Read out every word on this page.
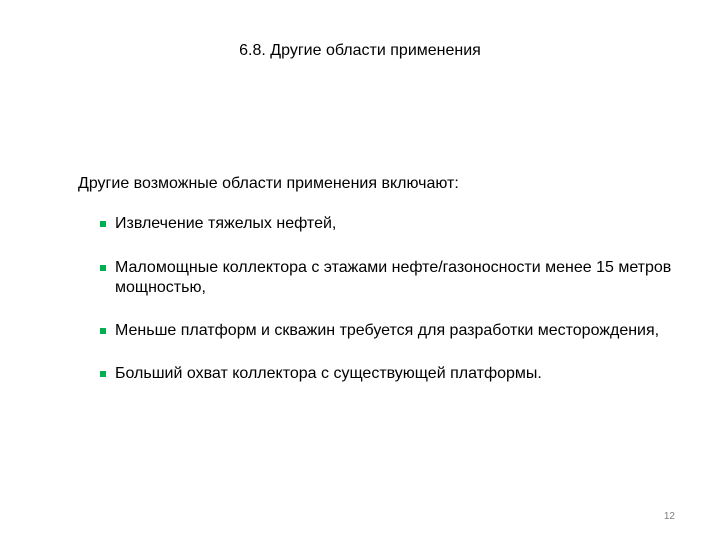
6.8. Другие области применения
Другие возможные области применения включают:
Извлечение тяжелых нефтей,
Маломощные коллектора с этажами нефте/газоносности менее 15 метров мощностью,
Меньше платформ и скважин требуется для разработки месторождения,
Больший охват коллектора с существующей платформы.
12
